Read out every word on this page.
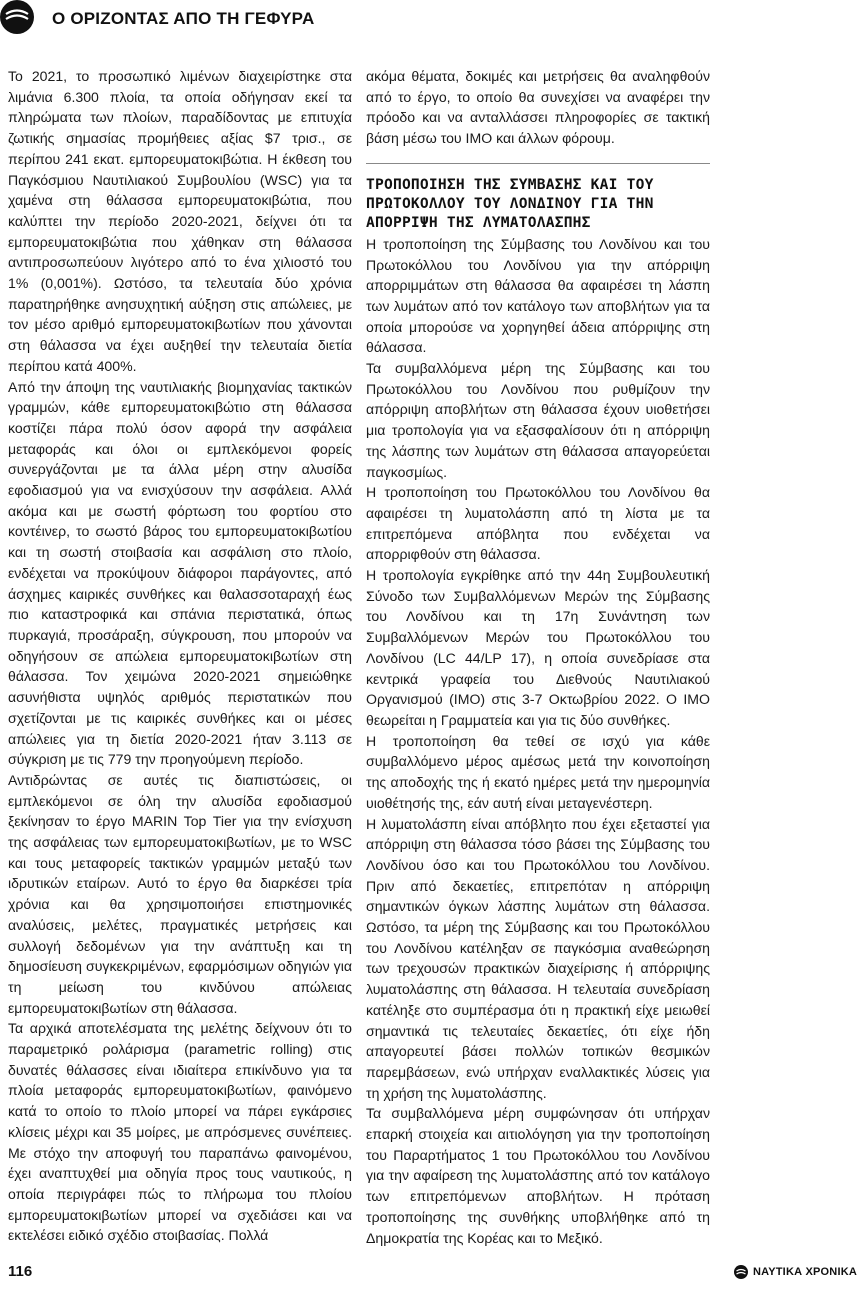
Ο ΟΡΙΖΟΝΤΑΣ ΑΠΟ ΤΗ ΓΕΦΥΡΑ

Το 2021, το προσωπικό λιμένων διαχειρίστηκε στα λιμάνια 6.300 πλοία, τα οποία οδήγησαν εκεί τα πληρώματα των πλοίων, παραδίδοντας με επιτυχία ζωτικής σημασίας προμήθειες αξίας $7 τρισ., σε περίπου 241 εκατ. εμπορευματοκιβώτια. Η έκθεση του Παγκόσμιου Ναυτιλιακού Συμβουλίου (WSC) για τα χαμένα στη θάλασσα εμπορευματοκιβώτια, που καλύπτει την περίοδο 2020-2021, δείχνει ότι τα εμπορευματοκιβώτια που χάθηκαν στη θάλασσα αντιπροσωπεύουν λιγότερο από το ένα χιλιοστό του 1% (0,001%). Ωστόσο, τα τελευταία δύο χρόνια παρατηρήθηκε ανησυχητική αύξηση στις απώλειες, με τον μέσο αριθμό εμπορευματοκιβωτίων που χάνονται στη θάλασσα να έχει αυξηθεί την τελευταία διετία περίπου κατά 400%.

Από την άποψη της ναυτιλιακής βιομηχανίας τακτικών γραμμών, κάθε εμπορευματοκιβώτιο στη θάλασσα κοστίζει πάρα πολύ όσον αφορά την ασφάλεια μεταφοράς και όλοι οι εμπλεκόμενοι φορείς συνεργάζονται με τα άλλα μέρη στην αλυσίδα εφοδιασμού για να ενισχύσουν την ασφάλεια. Αλλά ακόμα και με σωστή φόρτωση του φορτίου στο κοντέινερ, το σωστό βάρος του εμπορευματοκιβωτίου και τη σωστή στοιβασία και ασφάλιση στο πλοίο, ενδέχεται να προκύψουν διάφοροι παράγοντες, από άσχημες καιρικές συνθήκες και θαλασσοταραχή έως πιο καταστροφικά και σπάνια περιστατικά, όπως πυρκαγιά, προσάραξη, σύγκρουση, που μπορούν να οδηγήσουν σε απώλεια εμπορευματοκιβωτίων στη θάλασσα. Τον χειμώνα 2020-2021 σημειώθηκε ασυνήθιστα υψηλός αριθμός περιστατικών που σχετίζονται με τις καιρικές συνθήκες και οι μέσες απώλειες για τη διετία 2020-2021 ήταν 3.113 σε σύγκριση με τις 779 την προηγούμενη περίοδο.

Αντιδρώντας σε αυτές τις διαπιστώσεις, οι εμπλεκόμενοι σε όλη την αλυσίδα εφοδιασμού ξεκίνησαν το έργο MARIN Top Tier για την ενίσχυση της ασφάλειας των εμπορευματοκιβωτίων, με το WSC και τους μεταφορείς τακτικών γραμμών μεταξύ των ιδρυτικών εταίρων. Αυτό το έργο θα διαρκέσει τρία χρόνια και θα χρησιμοποιήσει επιστημονικές αναλύσεις, μελέτες, πραγματικές μετρήσεις και συλλογή δεδομένων για την ανάπτυξη και τη δημοσίευση συγκεκριμένων, εφαρμόσιμων οδηγιών για τη μείωση του κινδύνου απώλειας εμπορευματοκιβωτίων στη θάλασσα.

Τα αρχικά αποτελέσματα της μελέτης δείχνουν ότι το παραμετρικό ρολάρισμα (parametric rolling) στις δυνατές θάλασσες είναι ιδιαίτερα επικίνδυνο για τα πλοία μεταφοράς εμπορευματοκιβωτίων, φαινόμενο κατά το οποίο το πλοίο μπορεί να πάρει εγκάρσιες κλίσεις μέχρι και 35 μοίρες, με απρόσμενες συνέπειες. Με στόχο την αποφυγή του παραπάνω φαινομένου, έχει αναπτυχθεί μια οδηγία προς τους ναυτικούς, η οποία περιγράφει πώς το πλήρωμα του πλοίου εμπορευματοκιβωτίων μπορεί να σχεδιάσει και να εκτελέσει ειδικό σχέδιο στοιβασίας. Πολλά

ακόμα θέματα, δοκιμές και μετρήσεις θα αναληφθούν από το έργο, το οποίο θα συνεχίσει να αναφέρει την πρόοδο και να ανταλλάσσει πληροφορίες σε τακτική βάση μέσω του IMO και άλλων φόρουμ.

ΤΡΟΠΟΠΟΙΗΣΗ ΤΗΣ ΣΥΜΒΑΣΗΣ ΚΑΙ ΤΟΥ ΠΡΩΤΟΚΟΛΛΟΥ ΤΟΥ ΛΟΝΔΙΝΟΥ ΓΙΑ ΤΗΝ ΑΠΟΡΡΙΨΗ ΤΗΣ ΛΥΜΑΤΟΛΑΣΠΗΣ

Η τροποποίηση της Σύμβασης του Λονδίνου και του Πρωτοκόλλου του Λονδίνου για την απόρριψη απορριμμάτων στη θάλασσα θα αφαιρέσει τη λάσπη των λυμάτων από τον κατάλογο των αποβλήτων για τα οποία μπορούσε να χορηγηθεί άδεια απόρριψης στη θάλασσα.

Τα συμβαλλόμενα μέρη της Σύμβασης και του Πρωτοκόλλου του Λονδίνου που ρυθμίζουν την απόρριψη αποβλήτων στη θάλασσα έχουν υιοθετήσει μια τροπολογία για να εξασφαλίσουν ότι η απόρριψη της λάσπης των λυμάτων στη θάλασσα απαγορεύεται παγκοσμίως.

Η τροποποίηση του Πρωτοκόλλου του Λονδίνου θα αφαιρέσει τη λυματολάσπη από τη λίστα με τα επιτρεπόμενα απόβλητα που ενδέχεται να απορριφθούν στη θάλασσα.

Η τροπολογία εγκρίθηκε από την 44η Συμβουλευτική Σύνοδο των Συμβαλλόμενων Μερών της Σύμβασης του Λονδίνου και τη 17η Συνάντηση των Συμβαλλόμενων Μερών του Πρωτοκόλλου του Λονδίνου (LC 44/LP 17), η οποία συνεδρίασε στα κεντρικά γραφεία του Διεθνούς Ναυτιλιακού Οργανισμού (IMO) στις 3-7 Οκτωβρίου 2022. Ο IMO θεωρείται η Γραμματεία και για τις δύο συνθήκες.

Η τροποποίηση θα τεθεί σε ισχύ για κάθε συμβαλλόμενο μέρος αμέσως μετά την κοινοποίηση της αποδοχής της ή εκατό ημέρες μετά την ημερομηνία υιοθέτησής της, εάν αυτή είναι μεταγενέστερη.

Η λυματολάσπη είναι απόβλητο που έχει εξεταστεί για απόρριψη στη θάλασσα τόσο βάσει της Σύμβασης του Λονδίνου όσο και του Πρωτοκόλλου του Λονδίνου. Πριν από δεκαετίες, επιτρεπόταν η απόρριψη σημαντικών όγκων λάσπης λυμάτων στη θάλασσα. Ωστόσο, τα μέρη της Σύμβασης και του Πρωτοκόλλου του Λονδίνου κατέληξαν σε παγκόσμια αναθεώρηση των τρεχουσών πρακτικών διαχείρισης ή απόρριψης λυματολάσπης στη θάλασσα. Η τελευταία συνεδρίαση κατέληξε στο συμπέρασμα ότι η πρακτική είχε μειωθεί σημαντικά τις τελευταίες δεκαετίες, ότι είχε ήδη απαγορευτεί βάσει πολλών τοπικών θεσμικών παρεμβάσεων, ενώ υπήρχαν εναλλακτικές λύσεις για τη χρήση της λυματολάσπης.

Τα συμβαλλόμενα μέρη συμφώνησαν ότι υπήρχαν επαρκή στοιχεία και αιτιολόγηση για την τροποποίηση του Παραρτήματος 1 του Πρωτοκόλλου του Λονδίνου για την αφαίρεση της λυματολάσπης από τον κατάλογο των επιτρεπόμενων αποβλήτων. Η πρόταση τροποποίησης της συνθήκης υποβλήθηκε από τη Δημοκρατία της Κορέας και το Μεξικό.

116	ΝΑΥΤΙΚΑ ΧΡΟΝΙΚΑ
